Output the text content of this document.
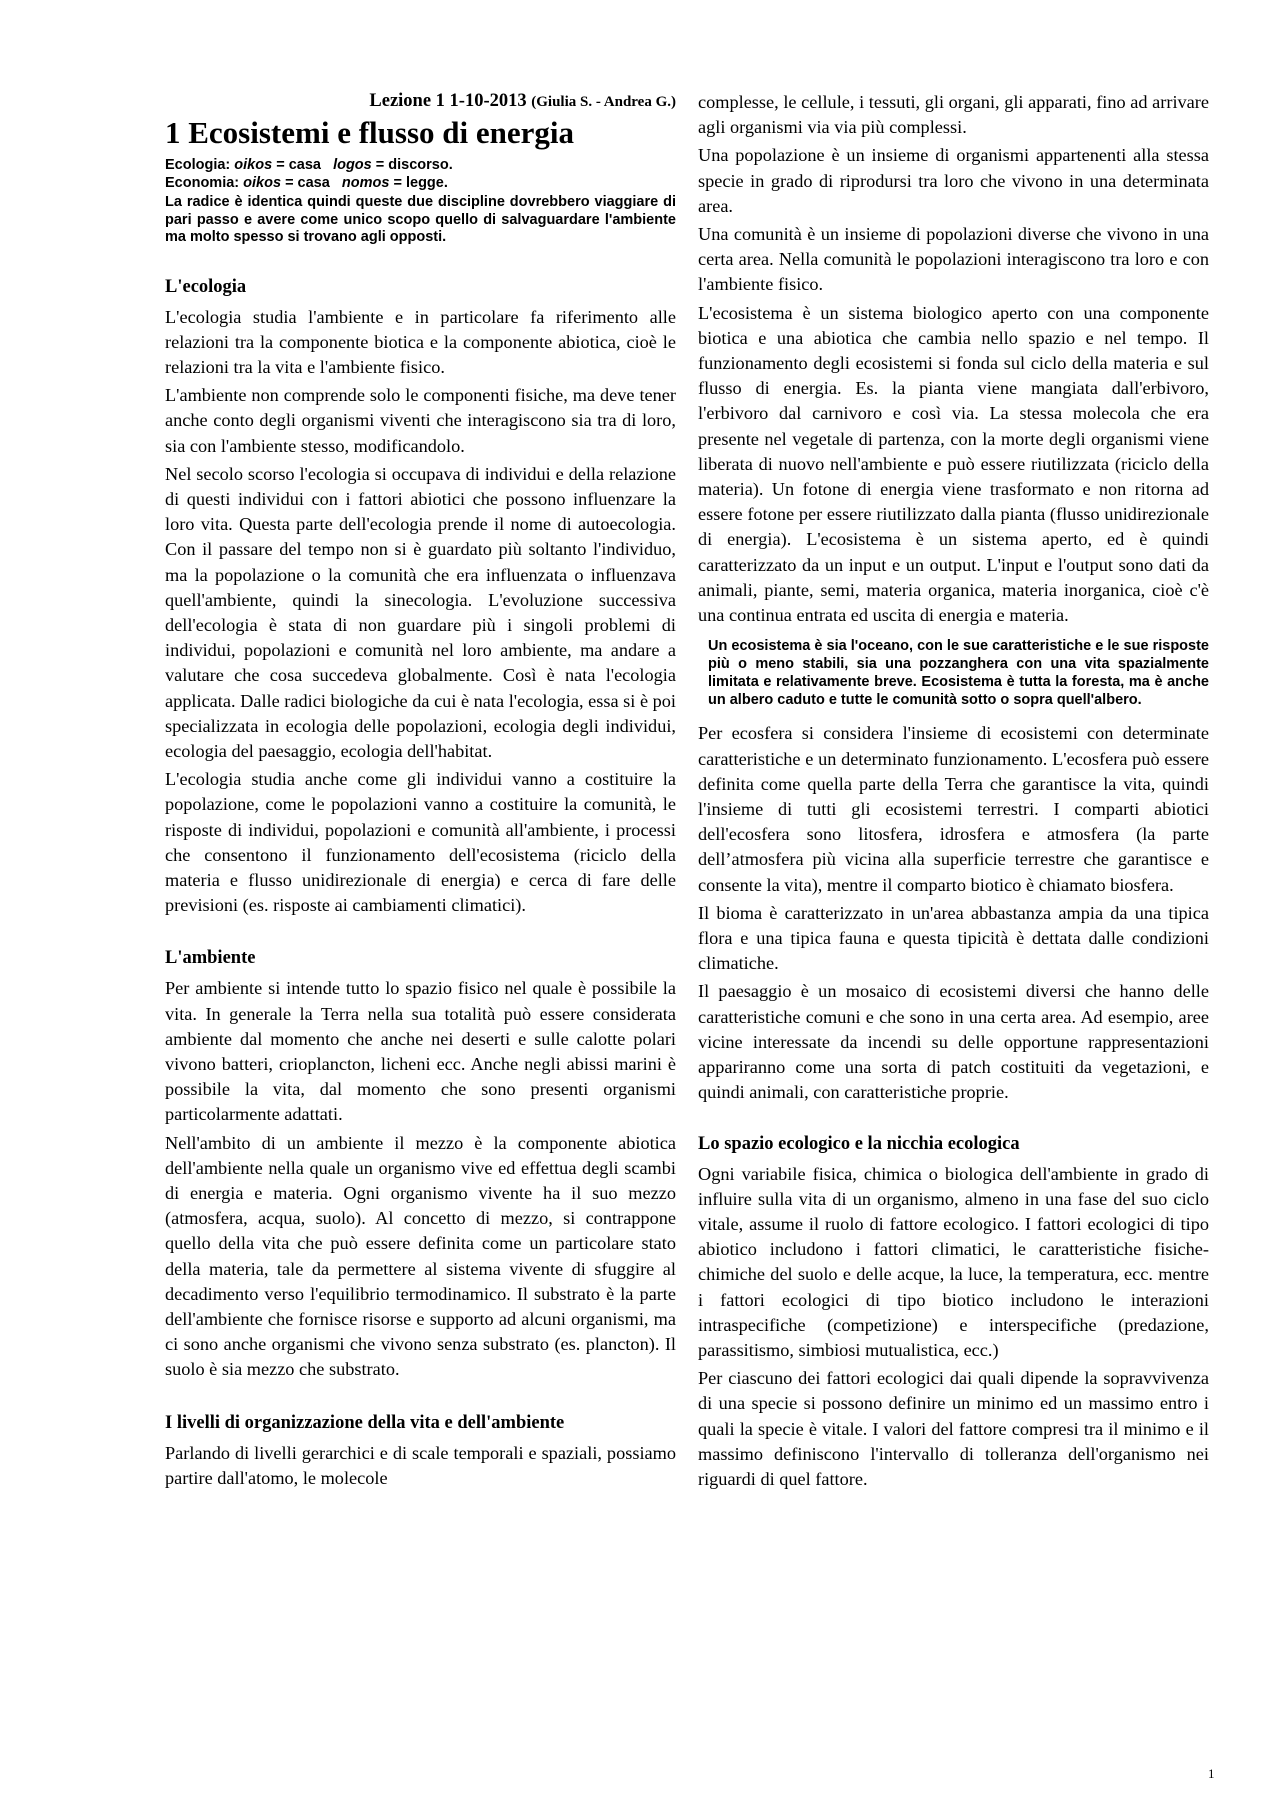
Lezione 1 1-10-2013 (Giulia S. - Andrea G.)
1 Ecosistemi e flusso di energia
Ecologia: oikos = casa logos = discorso.
Economia: oikos = casa nomos = legge.
La radice è identica quindi queste due discipline dovrebbero viaggiare di pari passo e avere come unico scopo quello di salvaguardare l'ambiente ma molto spesso si trovano agli opposti.
L'ecologia

L'ecologia studia l'ambiente e in particolare fa riferimento alle relazioni tra la componente biotica e la componente abiotica, cioè le relazioni tra la vita e l'ambiente fisico.

L'ambiente non comprende solo le componenti fisiche, ma deve tener anche conto degli organismi viventi che interagiscono sia tra di loro, sia con l'ambiente stesso, modificandolo.

Nel secolo scorso l'ecologia si occupava di individui e della relazione di questi individui con i fattori abiotici che possono influenzare la loro vita. Questa parte dell'ecologia prende il nome di autoecologia. Con il passare del tempo non si è guardato più soltanto l'individuo, ma la popolazione o la comunità che era influenzata o influenzava quell'ambiente, quindi la sinecologia. L'evoluzione successiva dell'ecologia è stata di non guardare più i singoli problemi di individui, popolazioni e comunità nel loro ambiente, ma andare a valutare che cosa succedeva globalmente. Così è nata l'ecologia applicata. Dalle radici biologiche da cui è nata l'ecologia, essa si è poi specializzata in ecologia delle popolazioni, ecologia degli individui, ecologia del paesaggio, ecologia dell'habitat.

L'ecologia studia anche come gli individui vanno a costituire la popolazione, come le popolazioni vanno a costituire la comunità, le risposte di individui, popolazioni e comunità all'ambiente, i processi che consentono il funzionamento dell'ecosistema (riciclo della materia e flusso unidirezionale di energia) e cerca di fare delle previsioni (es. risposte ai cambiamenti climatici).

L'ambiente

Per ambiente si intende tutto lo spazio fisico nel quale è possibile la vita. In generale la Terra nella sua totalità può essere considerata ambiente dal momento che anche nei deserti e sulle calotte polari vivono batteri, crioplancton, licheni ecc. Anche negli abissi marini è possibile la vita, dal momento che sono presenti organismi particolarmente adattati.

Nell'ambito di un ambiente il mezzo è la componente abiotica dell'ambiente nella quale un organismo vive ed effettua degli scambi di energia e materia. Ogni organismo vivente ha il suo mezzo (atmosfera, acqua, suolo). Al concetto di mezzo, si contrappone quello della vita che può essere definita come un particolare stato della materia, tale da permettere al sistema vivente di sfuggire al decadimento verso l'equilibrio termodinamico. Il substrato è la parte dell'ambiente che fornisce risorse e supporto ad alcuni organismi, ma ci sono anche organismi che vivono senza substrato (es. plancton). Il suolo è sia mezzo che substrato.

I livelli di organizzazione della vita e dell'ambiente

Parlando di livelli gerarchici e di scale temporali e spaziali, possiamo partire dall'atomo, le molecole

complesse, le cellule, i tessuti, gli organi, gli apparati, fino ad arrivare agli organismi via via più complessi.

Una popolazione è un insieme di organismi appartenenti alla stessa specie in grado di riprodursi tra loro che vivono in una determinata area.

Una comunità è un insieme di popolazioni diverse che vivono in una certa area. Nella comunità le popolazioni interagiscono tra loro e con l'ambiente fisico.

L'ecosistema è un sistema biologico aperto con una componente biotica e una abiotica che cambia nello spazio e nel tempo. Il funzionamento degli ecosistemi si fonda sul ciclo della materia e sul flusso di energia. Es. la pianta viene mangiata dall'erbivoro, l'erbivoro dal carnivoro e così via. La stessa molecola che era presente nel vegetale di partenza, con la morte degli organismi viene liberata di nuovo nell'ambiente e può essere riutilizzata (riciclo della materia). Un fotone di energia viene trasformato e non ritorna ad essere fotone per essere riutilizzato dalla pianta (flusso unidirezionale di energia). L'ecosistema è un sistema aperto, ed è quindi caratterizzato da un input e un output. L'input e l'output sono dati da animali, piante, semi, materia organica, materia inorganica, cioè c'è una continua entrata ed uscita di energia e materia.

Un ecosistema è sia l'oceano, con le sue caratteristiche e le sue risposte più o meno stabili, sia una pozzanghera con una vita spazialmente limitata e relativamente breve. Ecosistema è tutta la foresta, ma è anche un albero caduto e tutte le comunità sotto o sopra quell'albero.

Per ecosfera si considera l'insieme di ecosistemi con determinate caratteristiche e un determinato funzionamento. L'ecosfera può essere definita come quella parte della Terra che garantisce la vita, quindi l'insieme di tutti gli ecosistemi terrestri. I comparti abiotici dell'ecosfera sono litosfera, idrosfera e atmosfera (la parte dell’atmosfera più vicina alla superficie terrestre che garantisce e consente la vita), mentre il comparto biotico è chiamato biosfera.

Il bioma è caratterizzato in un'area abbastanza ampia da una tipica flora e una tipica fauna e questa tipicità è dettata dalle condizioni climatiche.

Il paesaggio è un mosaico di ecosistemi diversi che hanno delle caratteristiche comuni e che sono in una certa area. Ad esempio, aree vicine interessate da incendi su delle opportune rappresentazioni appariranno come una sorta di patch costituiti da vegetazioni, e quindi animali, con caratteristiche proprie.

Lo spazio ecologico e la nicchia ecologica

Ogni variabile fisica, chimica o biologica dell'ambiente in grado di influire sulla vita di un organismo, almeno in una fase del suo ciclo vitale, assume il ruolo di fattore ecologico. I fattori ecologici di tipo abiotico includono i fattori climatici, le caratteristiche fisiche-chimiche del suolo e delle acque, la luce, la temperatura, ecc. mentre i fattori ecologici di tipo biotico includono le interazioni intraspecifiche (competizione) e interspecifiche (predazione, parassitismo, simbiosi mutualistica, ecc.)

Per ciascuno dei fattori ecologici dai quali dipende la sopravvivenza di una specie si possono definire un minimo ed un massimo entro i quali la specie è vitale. I valori del fattore compresi tra il minimo e il massimo definiscono l'intervallo di tolleranza dell'organismo nei riguardi di quel fattore.

1
